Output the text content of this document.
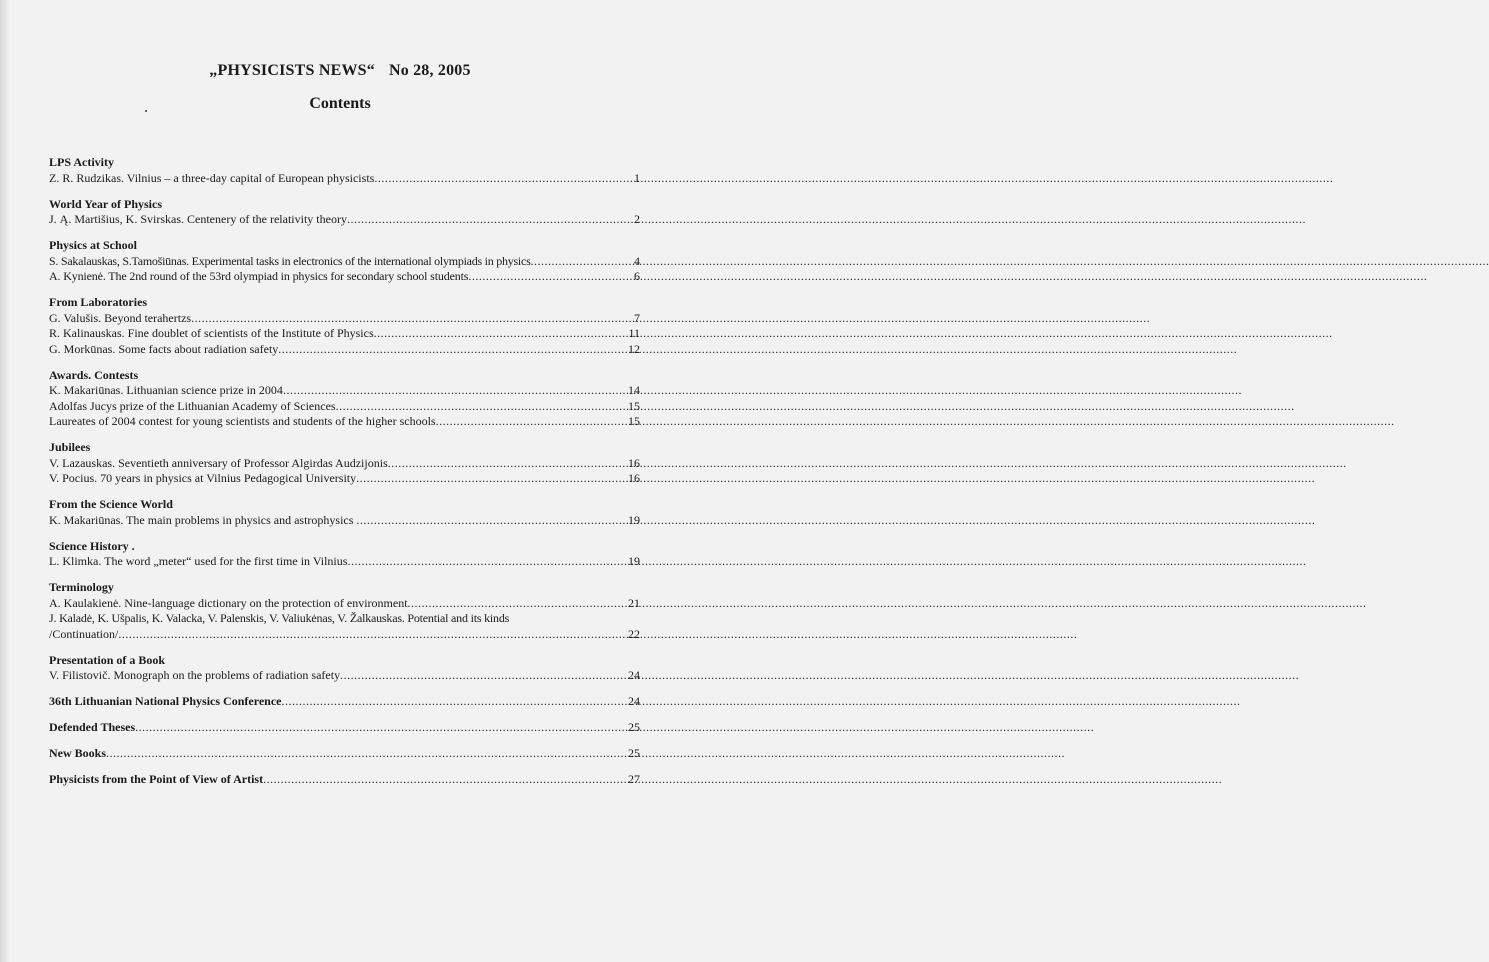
„PHYSICISTS NEWS“ No 28, 2005
Contents
LPS Activity
Z. R. Rudzikas. Vilnius – a three-day capital of European physicists .....	1
World Year of Physics
J. Ą. Martišius, K. Svirskas. Centenery of the relativity theory .....	2
Physics at School
S. Sakalauskas, S.Tamošiūnas. Experimental tasks in electronics of the international olympiads in physics .....	4
A. Kynienė. The 2nd round of the 53rd olympiad in physics for secondary school students .....	6
From Laboratories
G. Valušis. Beyond terahertzs .....	7
R. Kalinauskas. Fine doublet of scientists of the Institute of Physics .....	11
G. Morkūnas. Some facts about radiation safety .....	12
Awards. Contests
K. Makariūnas. Lithuanian science prize in 2004 .....	14
Adolfas Jucys prize of the Lithuanian Academy of Sciences .....	15
Laureates of 2004 contest for young scientists and students of the higher schools .....	15
Jubilees
V. Lazauskas. Seventieth anniversary of Professor Algirdas Audzijonis .....	16
V. Pocius. 70 years in physics at Vilnius Pedagogical University .....	16
From the Science World
K. Makariūnas. The main problems in physics and astrophysics .....	19
Science History .
L. Klimka. The word „meter“ used for the first time in Vilnius .....	19
Terminology
A. Kaulakienė. Nine-language dictionary on the protection of environment .....	21
J. Kaladė, K. Ušpalis, K. Valacka, V. Palenskis, V. Valiukėnas, V. Žalkauskas. Potential and its kinds
/Continuation/ .....	22
Presentation of a Book
V. Filistovič. Monograph on the problems of radiation safety .....	24
36th Lithuanian National Physics Conference .....	24
Defended Theses .....	25
New Books .....	25
Physicists from the Point of View of Artist .....	27
